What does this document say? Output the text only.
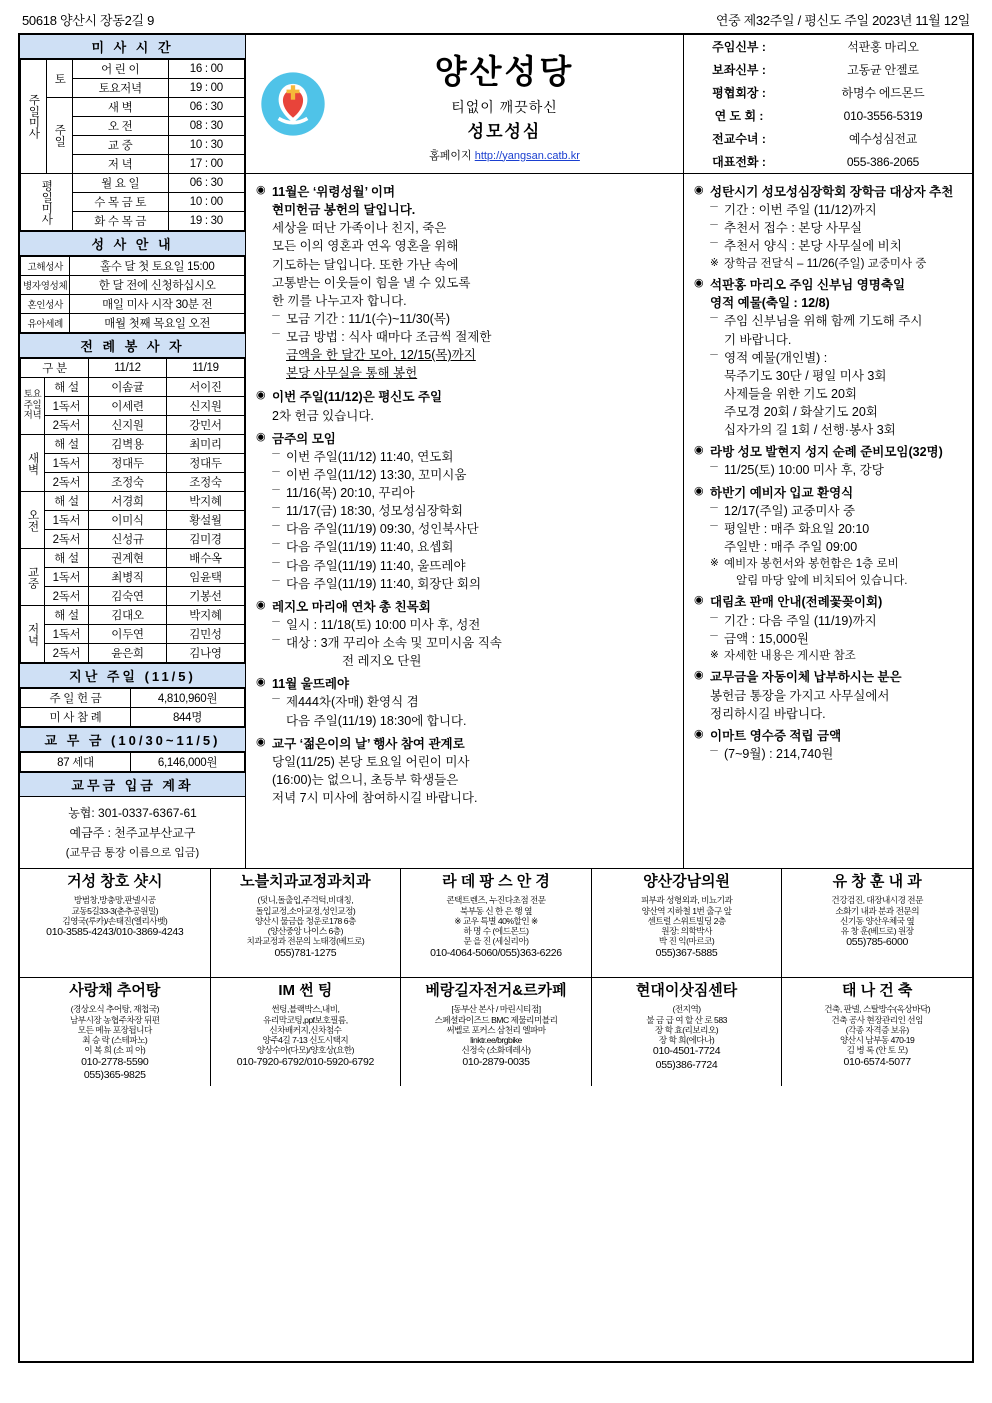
50618 양산시 장동2길 9	연중 제32주일 / 평신도 주일 2023년 11월 12일
미 사 시 간
주일미사	토	어 린 이	16 : 00
		토요저녁	19 : 00
	주일	새 벽	06 : 30
		오 전	08 : 30
		교 중	10 : 30
		저 녁	17 : 00
평일미사		월 요 일	06 : 30
		수 목 금 토	10 : 00
		화 수 목 금	19 : 30
성 사 안 내
고해성사	홀수 달 첫 토요일 15:00
병자영성체	한 달 전에 신청하십시오
혼인성사	매일 미사 시작 30분 전
유아세례	매월 첫째 목요일 오전
전 례 봉 사 자
구 분		11/12	11/19
토요
주일
저녁	해 설	이솜귤	서이진
	1독서	이세련	신지원
	2독서	신지원	강민서
새벽	해 설	김벽용	최미리
	1독서	정대두	정대두
	2독서	조정숙	조정숙
오전	해 설	서경희	박지혜
	1독서	이미식	황설월
	2독서	신성규	김미경
교중	해 설	권계현	배수옥
	1독서	최병직	임윤택
	2독서	김숙연	기봉선
저녁	해 설	김대오	박지혜
	1독서	이두연	김민성
	2독서	윤은희	김나영
지난 주일 (11/5)
주 일 헌 금	4,810,960원
미 사 참 례	844명
교 무 금 (10/30~11/5)
87 세대	6,146,000원
교무금 입금 계좌
농협: 301-0337-6367-61
예금주 : 천주교부산교구
(교무금 통장 이름으로 입금)
양산성당
티없이 깨끗하신
성모성심
홈페이지 http://yangsan.catb.kr
주임신부 :	석판홍 마리오
보좌신부 :	고동균 안젤로
평협회장 :	하명수 에드몬드
연 도 회 :	010-3556-5319
전교수녀 :	예수성심전교
대표전화 :	055-386-2065
◉ 11월은 ‘위령성월’ 이며
현미헌금 봉헌의 달입니다.
세상을 떠난 가족이나 친지, 죽은
모든 이의 영혼과 연옥 영혼을 위해
기도하는 달입니다. 또한 가난 속에
고통받는 이웃들이 힘을 낼 수 있도록
한 끼를 나누고자 합니다.
－ 모금 기간 : 11/1(수)~11/30(목)
－ 모금 방법 : 식사 때마다 조금씩 절제한
금액을 한 달간 모아, 12/15(목)까지
본당 사무실을 통해 봉헌
◉ 이번 주일(11/12)은 평신도 주일
2차 헌금 있습니다.
◉ 금주의 모임
－ 이번 주일(11/12) 11:40, 연도회
－ 이번 주일(11/12) 13:30, 꼬미시움
－ 11/16(목) 20:10, 꾸리아
－ 11/17(금) 18:30, 성모성심장학회
－ 다음 주일(11/19) 09:30, 성인북사단
－ 다음 주일(11/19) 11:40, 요셉회
－ 다음 주일(11/19) 11:40, 울뜨레야
－ 다음 주일(11/19) 11:40, 회장단 회의
◉ 레지오 마리애 연차 총 친목회
－ 일시 : 11/18(토) 10:00 미사 후, 성전
－ 대상 : 3개 꾸리아 소속 및 꼬미시움 직속
전 레지오 단원
◉ 11월 울뜨레야
－ 제444차(자매) 환영식 겸
다음 주일(11/19) 18:30에 합니다.
◉ 교구 ‘젊은이의 날’ 행사 참여 관계로
당일(11/25) 본당 토요일 어린이 미사
(16:00)는 없으니, 초등부 학생들은
저녁 7시 미사에 참여하시길 바랍니다.
◉ 성탄시기 성모성심장학회 장학금 대상자 추천
－ 기간 : 이번 주일 (11/12)까지
－ 추천서 접수 : 본당 사무실
－ 추천서 양식 : 본당 사무실에 비치
※ 장학금 전달식 – 11/26(주일) 교중미사 중
◉ 석판홍 마리오 주임 신부님 영명축일
영적 예물(축일 : 12/8)
－ 주임 신부님을 위해 함께 기도해 주시
기 바랍니다.
－ 영적 예물(개인별) :
묵주기도 30단 / 평일 미사 3회
사제들을 위한 기도 20회
주모경 20회 / 화살기도 20회
십자가의 길 1회 / 선행·봉사 3회
◉ 라방 성모 발현지 성지 순례 준비모임(32명)
－ 11/25(토) 10:00 미사 후, 강당
◉ 하반기 예비자 입교 환영식
－ 12/17(주일) 교중미사 중
－ 평일반 : 매주 화요일 20:10
주일반 : 매주 주일 09:00
※ 예비자 봉헌서와 봉헌함은 1층 로비
알림 마당 앞에 비치되어 있습니다.
◉ 대림초 판매 안내(전례꽃꽂이회)
－ 기간 : 다음 주일 (11/19)까지
－ 금액 : 15,000원
※ 자세한 내용은 게시판 참조
◉ 교무금을 자동이체 납부하시는 분은
봉헌금 통장을 가지고 사무실에서
정리하시길 바랍니다.
◉ 이마트 영수증 적립 금액
－ (7~9월) : 214,740원
거성 창호 샷시
방범창,방충망,판넬시공
교동5길33-3(춘추공원밀)
김영국(루카)/손태진(엘리사벳)
010-3585-4243/010-3869-4243
노블치과교정과치과
(덧니,돌출입,주걱턱,비대칭,
돌입교정,소아교정,성인교정)
양산시 물금읍 청운로178 6층
(양산중앙 나이스 6층)
치과교정과 전문의 노태경(베드로)
055)781-1275
라 데 팡 스 안 경
콘택트렌즈, 누진다초점 전문
북부동 신 한 은 행 옆
※ 교우 특별 40%할인 ※
하 명 수 (에드몬드)
문 을 진 (세실리아)
010-4064-5060/055)363-6226
양산강남의원
피부과 성형외과, 비뇨기과
양산역 지하철 1번 출구 앞
센트럴 스위트빌딩 2층
원장: 의학박사
박 진 익(마르코)
055)367-5885
유 창 훈 내 과
건강검진, 대장내시경 전문
소화기 내과 분과 전문의
신기동 양산우체국 옆
유 창 훈(베드로) 원장
055)785-6000
사랑채 추어탕
(경상오식 추어탕, 재첩국)
남부시장 농협주차장 뒤편
모든 메뉴 포장됩니다
최 승 락 (스테파노)
이 복 희 (소 피 아)
010-2778-5590
055)365-9825
IM 썬 팅
썬팅,블랙박스,내비,
유리막코팅,ppf보호필름,
신차배커지,신차첨수
양주4길 7-13 신도시택지
양상수아(다모)/양호상(요한)
010-7920-6792/010-5920-6792
베랑길자전거&르카페
[동부산 본사 / 마린시티점]
스페셜라이즈드 BMC 제물리미블리
써벨로 포커스 삼천리 엘파마
linktr.ee/brgbike
신정숙 (소화데레사)
010-2879-0035
현대이삿짐센타
(전지역)
불 금 급 여 할 산 로 583
장 학 효(리보리오)
장 학 희(에다나)
010-4501-7724
055)386-7724
태 나 건 축
건축, 판넬, 스탈방수(옥상바닥)
건축 공사 현장관리인 선임
(각종 자격증 보유)
양산시 남부동 470-19
김 병 록 (안 토 모)
010-6574-5077
